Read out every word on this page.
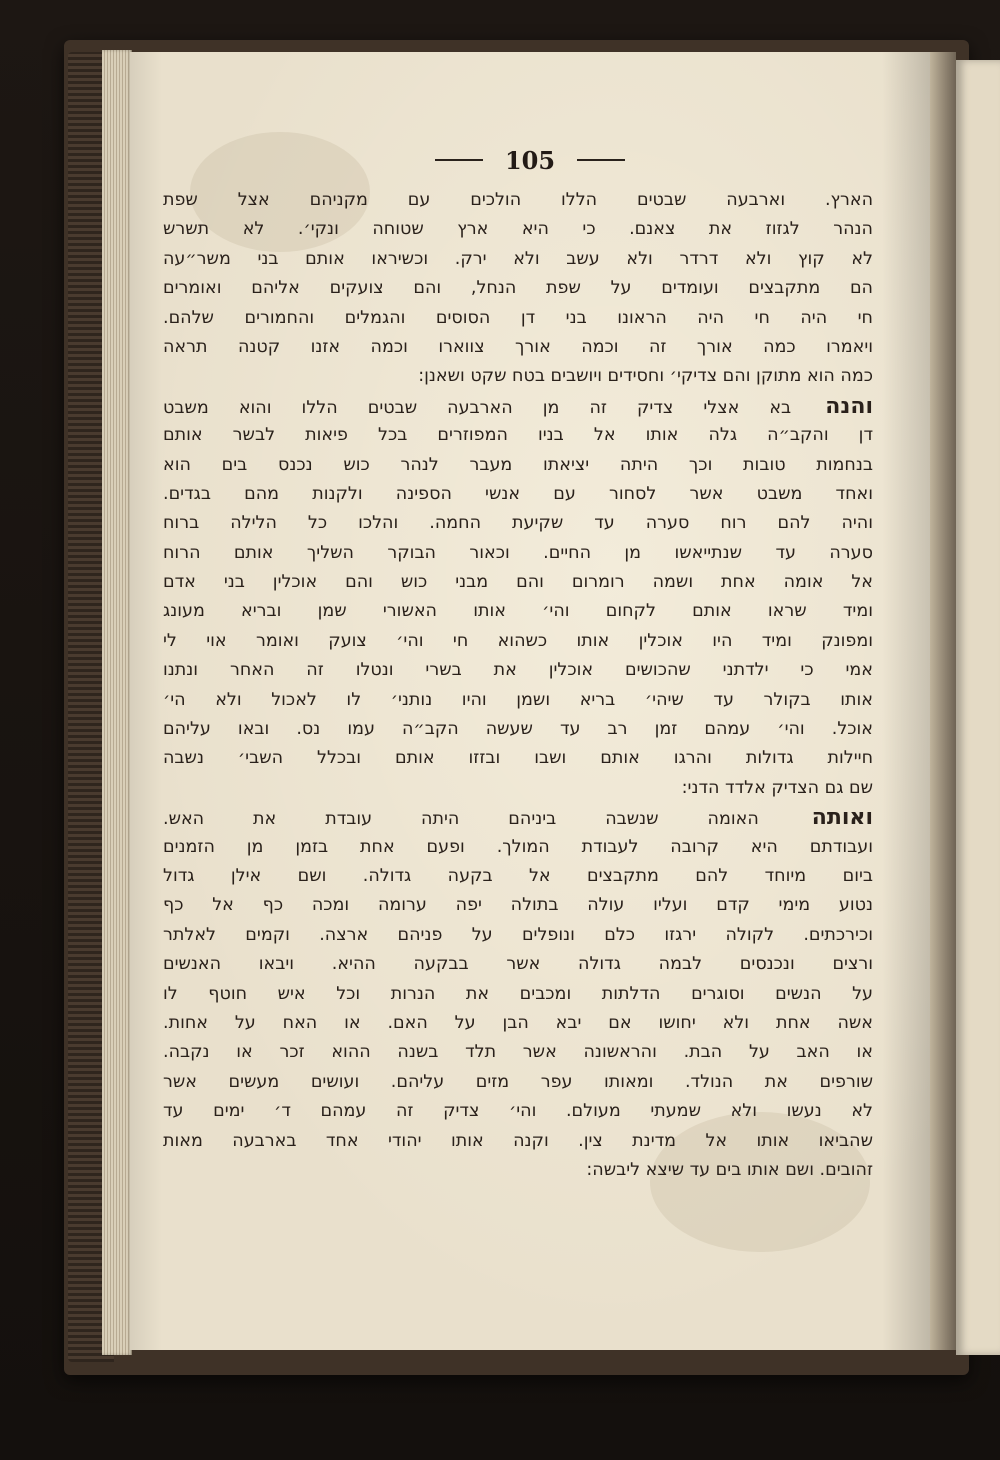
105
הארץ. וארבעה שבטים הללו הולכים עם מקניהם אצל שפת
הנהר לגזוז את צאנם. כי היא ארץ שטוחה ונקי׳. לא תשרש
לא קוץ ולא דרדר ולא עשב ולא ירק. וכשיראו אותם בני משר״עה
הם מתקבצים ועומדים על שפת הנחל, והם צועקים אליהם ואומרים
חי היה חי היה הראונו בני דן הסוסים והגמלים והחמורים שלהם.
ויאמרו כמה אורך זה וכמה אורך צווארו וכמה אזנו קטנה תראה
כמה הוא מתוקן והם צדיקי׳ וחסידים ויושבים בטח שקט ושאנן:
והנה בא אצלי צדיק זה מן הארבעה שבטים הללו והוא משבט
דן והקב״ה גלה אותו אל בניו המפוזרים בכל פיאות לבשר אותם
בנחמות טובות וכך היתה יציאתו מעבר לנהר כוש נכנס בים הוא
ואחד משבט אשר לסחור עם אנשי הספינה ולקנות מהם בגדים.
והיה להם רוח סערה עד שקיעת החמה. והלכו כל הלילה ברוח
סערה עד שנתייאשו מן החיים. וכאור הבוקר השליך אותם הרוח
אל אומה אחת ושמה רומרום והם מבני כוש והם אוכלין בני אדם
ומיד שראו אותם לקחום והי׳ אותו האשורי שמן ובריא מעונג
ומפונק ומיד היו אוכלין אותו כשהוא חי והי׳ צועק ואומר אוי לי
אמי כי ילדתני שהכושים אוכלין את בשרי ונטלו זה האחר ונתנו
אותו בקולר עד שיהי׳ בריא ושמן והיו נותני׳ לו לאכול ולא הי׳
אוכל. והי׳ עמהם זמן רב עד שעשה הקב״ה עמו נס. ובאו עליהם
חיילות גדולות והרגו אותם ושבו ובזזו אותם ובכלל השבי׳ נשבה
שם גם הצדיק אלדד הדני:
ואותה האומה שנשבה ביניהם היתה עובדת את האש.
ועבודתם היא קרובה לעבודת המולך. ופעם אחת בזמן מן הזמנים
ביום מיוחד להם מתקבצים אל בקעה גדולה. ושם אילן גדול
נטוע מימי קדם ועליו עולה בתולה יפה ערומה ומכה כף אל כף
וכירכתים. לקולה ירגזו כלם ונופלים על פניהם ארצה. וקמים לאלתר
ורצים ונכנסים לבמה גדולה אשר בבקעה ההיא. ויבאו האנשים
על הנשים וסוגרים הדלתות ומכבים את הנרות וכל איש חוטף לו
אשה אחת ולא יחושו אם יבא הבן על האם. או האח על אחות.
או האב על הבת. והראשונה אשר תלד בשנה ההוא זכר או נקבה.
שורפים את הנולד. ומאותו עפר מזים עליהם. ועושים מעשים אשר
לא נעשו ולא שמעתי מעולם. והי׳ צדיק זה עמהם ד׳ ימים עד
שהביאו אותו אל מדינת צין. וקנה אותו יהודי אחד בארבעה מאות
זהובים. ושם אותו בים עד שיצא ליבשה:
